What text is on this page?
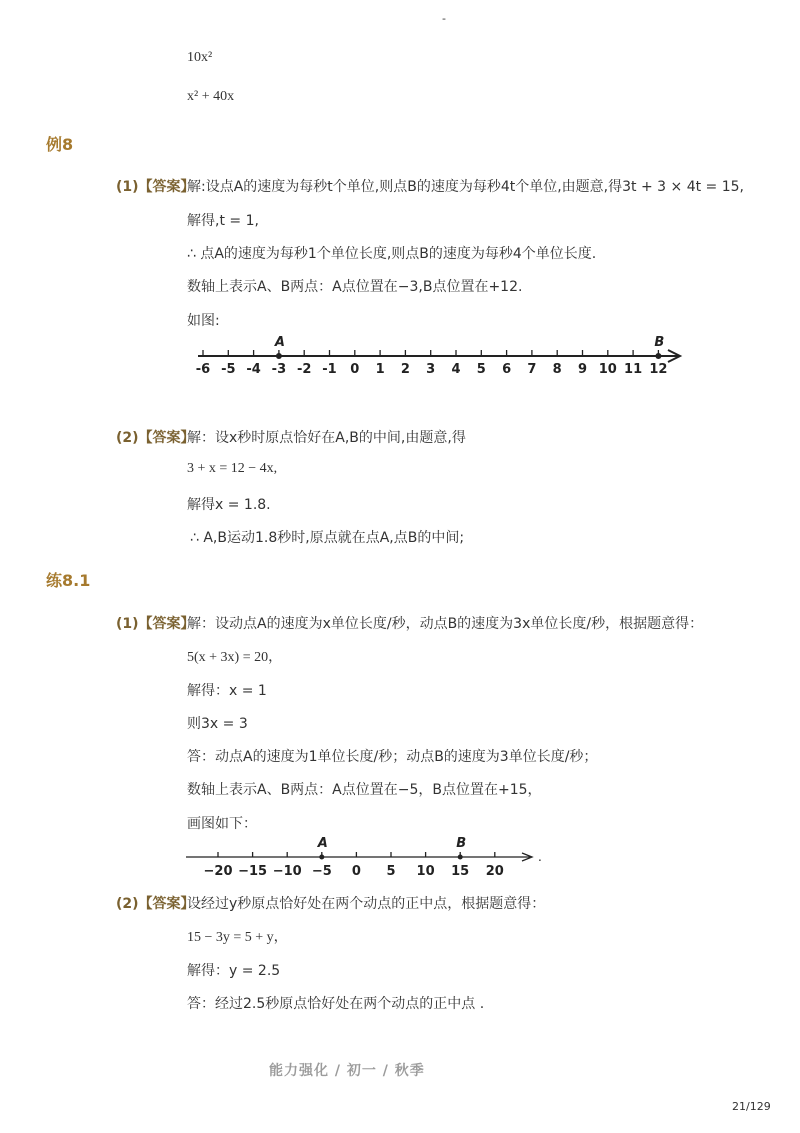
-
10x²
x² + 40x
例8
(1)【答案】
解:设点A的速度为每秒t个单位,则点B的速度为每秒4t个单位,由题意,得3t + 3 × 4t = 15,
解得,t = 1,
∴ 点A的速度为每秒1个单位长度,则点B的速度为每秒4个单位长度.
数轴上表示A、B两点：A点位置在−3,B点位置在+12.
如图:
-6 -5 -4 -3 -2 -1 0 1 2 3 4 5 6 7 8 9 10 11 12
A	B
(2)【答案】
解：设x秒时原点恰好在A,B的中间,由题意,得
3 + x = 12 − 4x,
解得x = 1.8.
∴ A,B运动1.8秒时,原点就在点A,点B的中间;
练8.1
(1)【答案】
解：设动点A的速度为x单位长度/秒，动点B的速度为3x单位长度/秒，根据题意得：
5(x + 3x) = 20，
解得：x = 1
则3x = 3
答：动点A的速度为1单位长度/秒；动点B的速度为3单位长度/秒；
数轴上表示A、B两点：A点位置在−5，B点位置在+15，
画图如下：
.
−20 −15 −10 −5 0 5 10 15 20
A	B
(2)【答案】
设经过y秒原点恰好处在两个动点的正中点，根据题意得：
15 − 3y = 5 + y，
解得：y = 2.5
答：经过2.5秒原点恰好处在两个动点的正中点 .
能力强化 / 初一 / 秋季
21/129
